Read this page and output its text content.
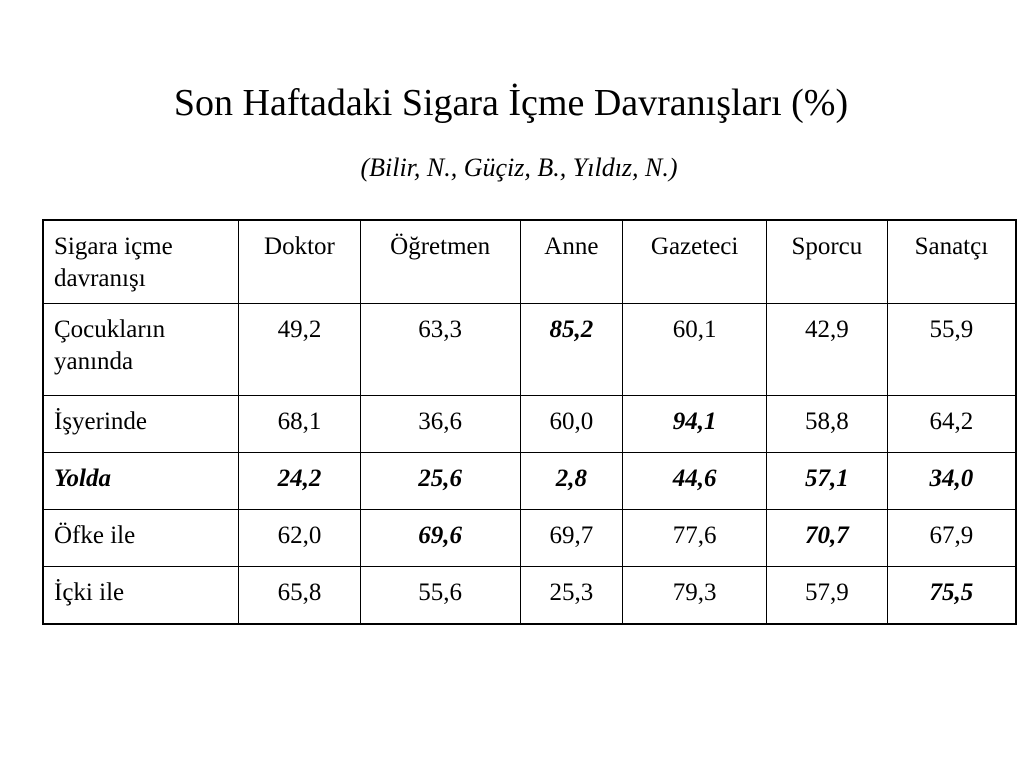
Son Haftadaki Sigara İçme Davranışları (%)
(Bilir, N., Güçiz, B., Yıldız, N.)
Sigara içme
davranışı	Doktor	Öğretmen	Anne	Gazeteci	Sporcu	Sanatçı
Çocukların
yanında	49,2	63,3	85,2	60,1	42,9	55,9
İşyerinde	68,1	36,6	60,0	94,1	58,8	64,2
Yolda	24,2	25,6	2,8	44,6	57,1	34,0
Öfke ile	62,0	69,6	69,7	77,6	70,7	67,9
İçki ile	65,8	55,6	25,3	79,3	57,9	75,5
